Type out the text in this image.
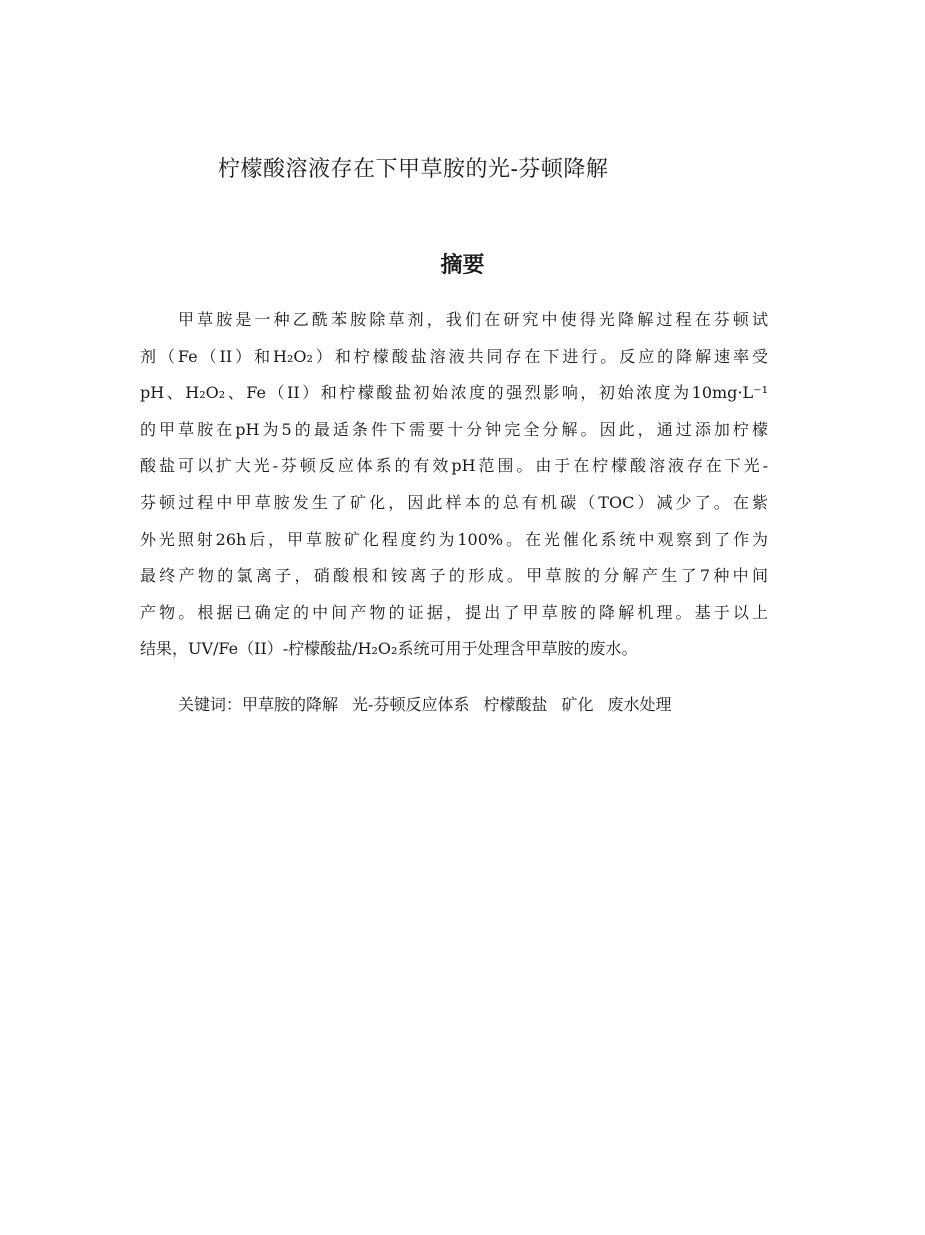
柠檬酸溶液存在下甲草胺的光-芬顿降解
摘要
甲草胺是一种乙酰苯胺除草剂，我们在研究中使得光降解过程在芬顿试
剂（Fe（II）和H₂O₂）和柠檬酸盐溶液共同存在下进行。反应的降解速率受
pH、H₂O₂、Fe（II）和柠檬酸盐初始浓度的强烈影响，初始浓度为10mg·L⁻¹
的甲草胺在pH为5的最适条件下需要十分钟完全分解。因此，通过添加柠檬
酸盐可以扩大光-芬顿反应体系的有效pH范围。由于在柠檬酸溶液存在下光-
芬顿过程中甲草胺发生了矿化，因此样本的总有机碳（TOC）减少了。在紫
外光照射26h后，甲草胺矿化程度约为100%。在光催化系统中观察到了作为
最终产物的氯离子，硝酸根和铵离子的形成。甲草胺的分解产生了7种中间
产物。根据已确定的中间产物的证据，提出了甲草胺的降解机理。基于以上
结果，UV/Fe（II）-柠檬酸盐/H₂O₂系统可用于处理含甲草胺的废水。
关键词：甲草胺的降解 光-芬顿反应体系 柠檬酸盐 矿化 废水处理
